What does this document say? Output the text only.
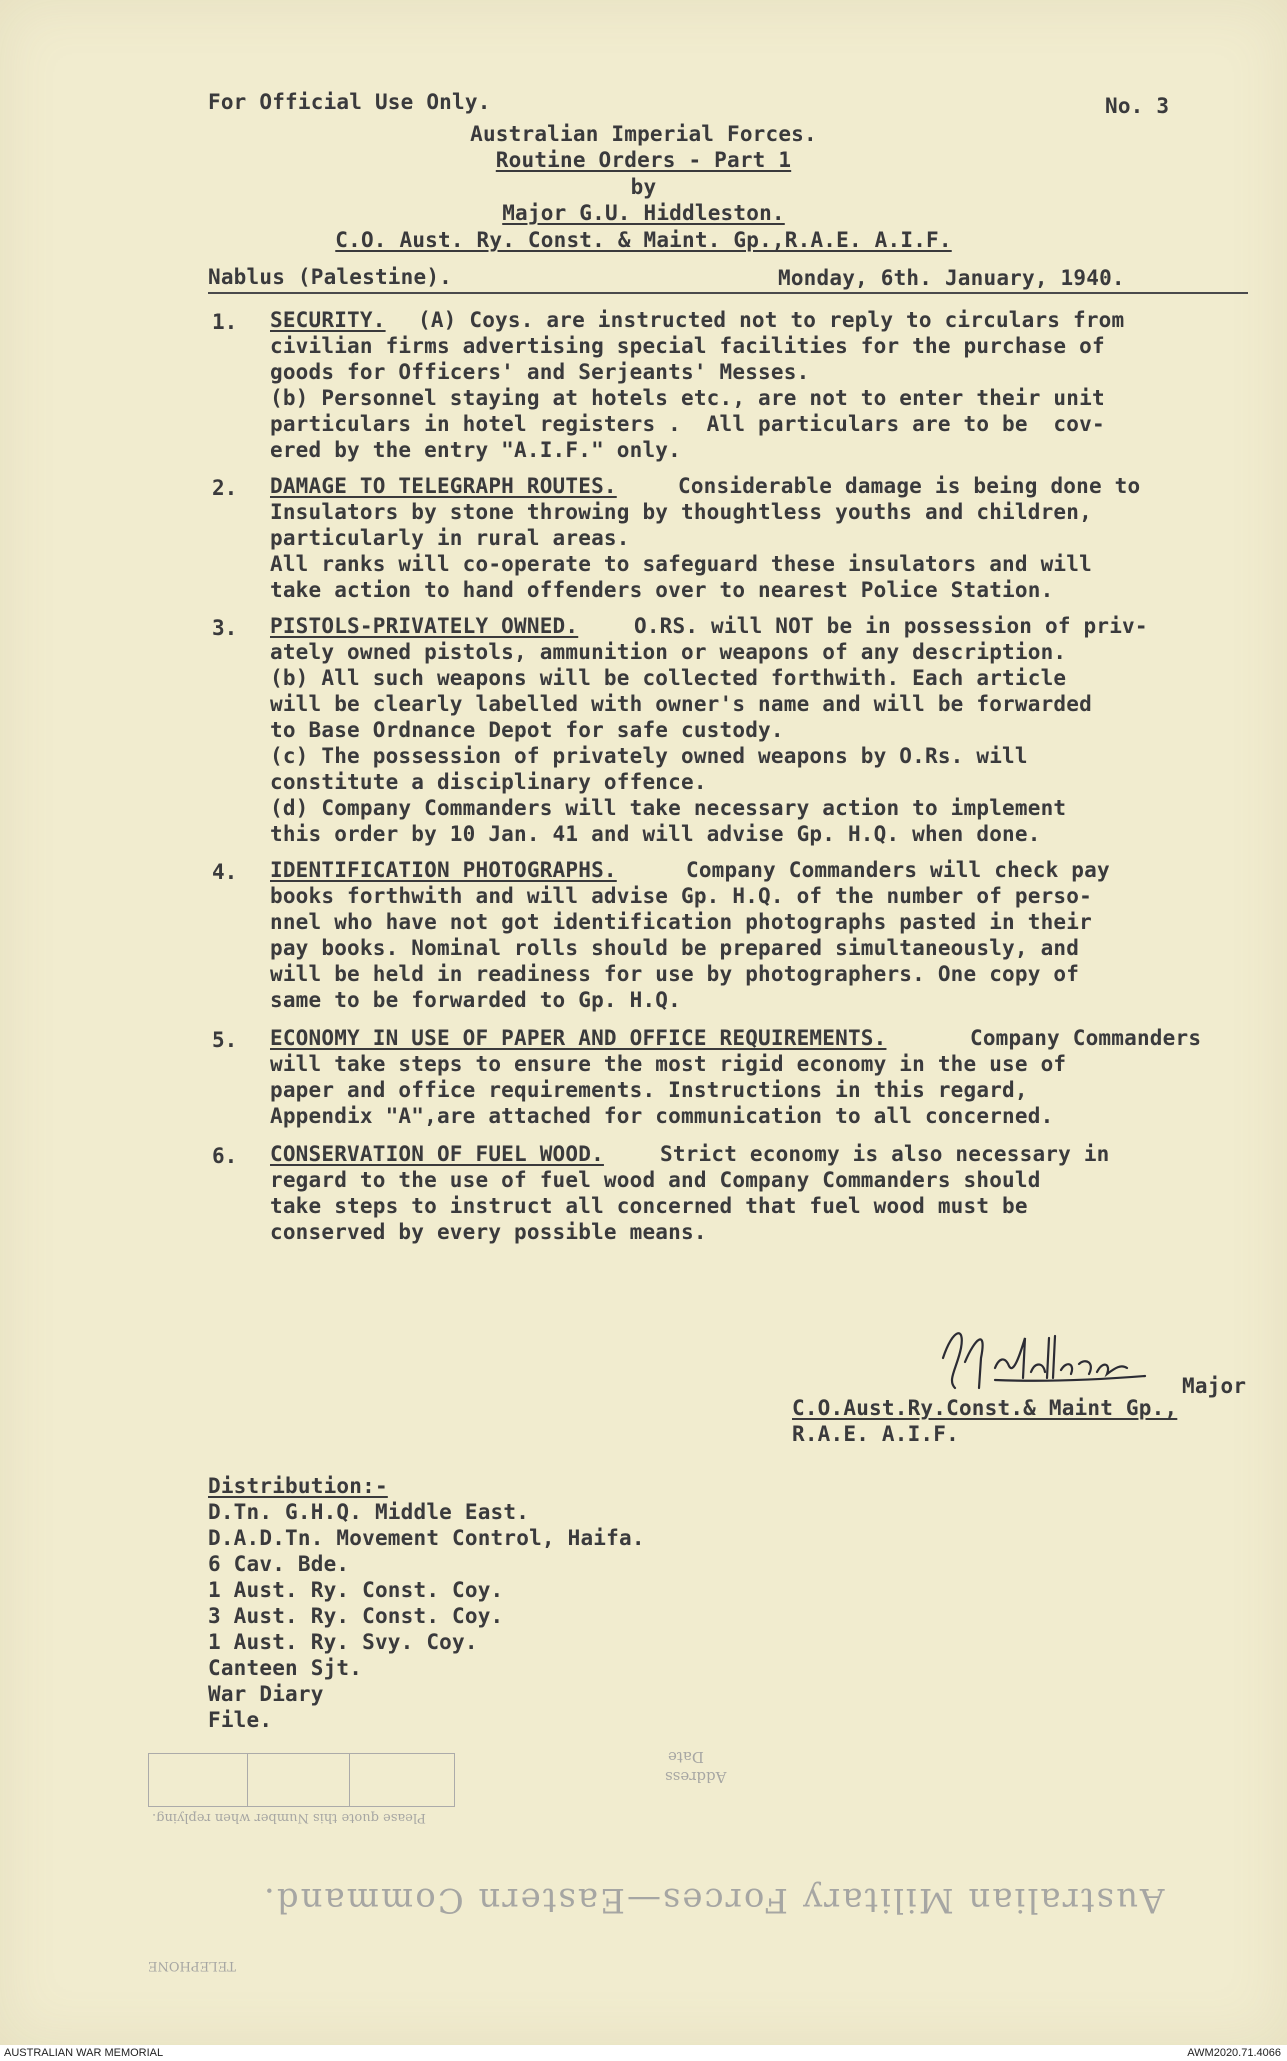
For Official Use Only.	No. 3
Australian Imperial Forces.
Routine Orders - Part 1
by
Major G.U. Hiddleston.
C.O. Aust. Ry. Const. & Maint. Gp.,R.A.E. A.I.F.
Nablus (Palestine).	Monday, 6th. January, 1940.
1. SECURITY. (A) Coys. are instructed not to reply to circulars from
civilian firms advertising special facilities for the purchase of
goods for Officers' and Serjeants' Messes.
(b) Personnel staying at hotels etc., are not to enter their unit
particulars in hotel registers .  All particulars are to be  cov-
ered by the entry "A.I.F." only.
2. DAMAGE TO TELEGRAPH ROUTES.	Considerable damage is being done to
Insulators by stone throwing by thoughtless youths and children,
particularly in rural areas.
All ranks will co-operate to safeguard these insulators and will
take action to hand offenders over to nearest Police Station.
3. PISTOLS-PRIVATELY OWNED.	O.RS. will NOT be in possession of priv-
ately owned pistols, ammunition or weapons of any description.
(b) All such weapons will be collected forthwith. Each article
will be clearly labelled with owner's name and will be forwarded
to Base Ordnance Depot for safe custody.
(c) The possession of privately owned weapons by O.Rs. will
constitute a disciplinary offence.
(d) Company Commanders will take necessary action to implement
this order by 10 Jan. 41 and will advise Gp. H.Q. when done.
4. IDENTIFICATION PHOTOGRAPHS.	Company Commanders will check pay
books forthwith and will advise Gp. H.Q. of the number of perso-
nnel who have not got identification photographs pasted in their
pay books. Nominal rolls should be prepared simultaneously, and
will be held in readiness for use by photographers. One copy of
same to be forwarded to Gp. H.Q.
5. ECONOMY IN USE OF PAPER AND OFFICE REQUIREMENTS.	Company Commanders
will take steps to ensure the most rigid economy in the use of
paper and office requirements. Instructions in this regard,
Appendix "A",are attached for communication to all concerned.
6. CONSERVATION OF FUEL WOOD.	Strict economy is also necessary in
regard to the use of fuel wood and Company Commanders should
take steps to instruct all concerned that fuel wood must be
conserved by every possible means.
Major
C.O.Aust.Ry.Const.& Maint Gp.,
R.A.E. A.I.F.
Distribution:-
D.Tn. G.H.Q. Middle East.
D.A.D.Tn. Movement Control, Haifa.
6 Cav. Bde.
1 Aust. Ry. Const. Coy.
3 Aust. Ry. Const. Coy.
1 Aust. Ry. Svy. Coy.
Canteen Sjt.
War Diary
File.
Please quote this Number when replying.
Address
Date
Australian Military Forces—Eastern Command.
TELEPHONE
AUSTRALIAN WAR MEMORIAL	AWM2020.71.4066
